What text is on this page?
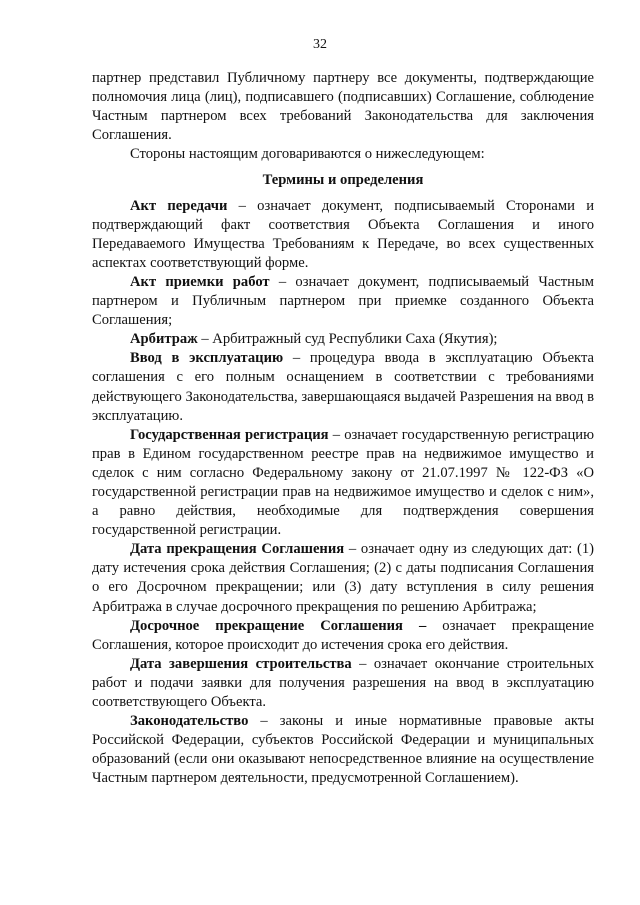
32

партнер представил Публичному партнеру все документы, подтверждающие полномочия лица (лиц), подписавшего (подписавших) Соглашение, соблюдение Частным партнером всех требований Законодательства для заключения Соглашения.

Стороны настоящим договариваются о нижеследующем:

Термины и определения

Акт передачи – означает документ, подписываемый Сторонами и подтверждающий факт соответствия Объекта Соглашения и иного Передаваемого Имущества Требованиям к Передаче, во всех существенных аспектах соответствующий форме.

Акт приемки работ – означает документ, подписываемый Частным партнером и Публичным партнером при приемке созданного Объекта Соглашения;

Арбитраж – Арбитражный суд Республики Саха (Якутия);

Ввод в эксплуатацию – процедура ввода в эксплуатацию Объекта соглашения с его полным оснащением в соответствии с требованиями действующего Законодательства, завершающаяся выдачей Разрешения на ввод в эксплуатацию.

Государственная регистрация – означает государственную регистрацию прав в Едином государственном реестре прав на недвижимое имущество и сделок с ним согласно Федеральному закону от 21.07.1997 № 122-ФЗ «О государственной регистрации прав на недвижимое имущество и сделок с ним», а равно действия, необходимые для подтверждения совершения государственной регистрации.

Дата прекращения Соглашения – означает одну из следующих дат: (1) дату истечения срока действия Соглашения; (2) с даты подписания Соглашения о его Досрочном прекращении; или (3) дату вступления в силу решения Арбитража в случае досрочного прекращения по решению Арбитража;

Досрочное прекращение Соглашения – означает прекращение Соглашения, которое происходит до истечения срока его действия.

Дата завершения строительства – означает окончание строительных работ и подачи заявки для получения разрешения на ввод в эксплуатацию соответствующего Объекта.

Законодательство – законы и иные нормативные правовые акты Российской Федерации, субъектов Российской Федерации и муниципальных образований (если они оказывают непосредственное влияние на осуществление Частным партнером деятельности, предусмотренной Соглашением).
